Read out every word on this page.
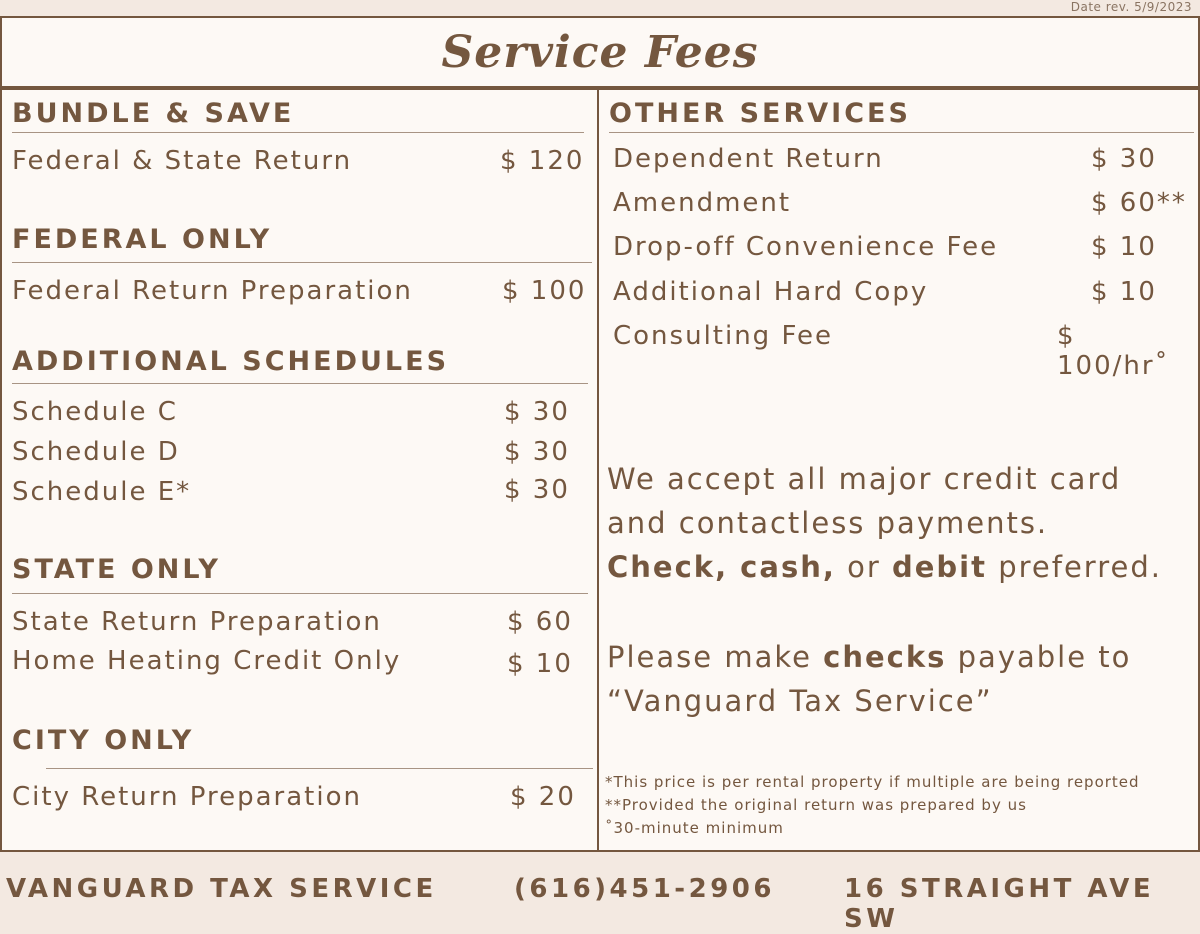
Date rev. 5/9/2023
Service Fees
BUNDLE & SAVE
Federal & State Return	$ 120
FEDERAL ONLY
Federal Return Preparation	$ 100
ADDITIONAL SCHEDULES
Schedule C	$ 30
Schedule D	$ 30
Schedule E*	$ 30
STATE ONLY
State Return Preparation	$ 60
Home Heating Credit Only	$ 10
CITY ONLY
City Return Preparation	$ 20
OTHER SERVICES
Dependent Return	$ 30
Amendment	$ 60**
Drop-off Convenience Fee	$ 10
Additional Hard Copy	$ 10
Consulting Fee	$ 100/hr˚
We accept all major credit card
and contactless payments.
Check, cash, or debit preferred.
Please make checks payable to
“Vanguard Tax Service”
*This price is per rental property if multiple are being reported
**Provided the original return was prepared by us
˚30-minute minimum
VANGUARD TAX SERVICE	(616)451-2906	16 STRAIGHT AVE SW
